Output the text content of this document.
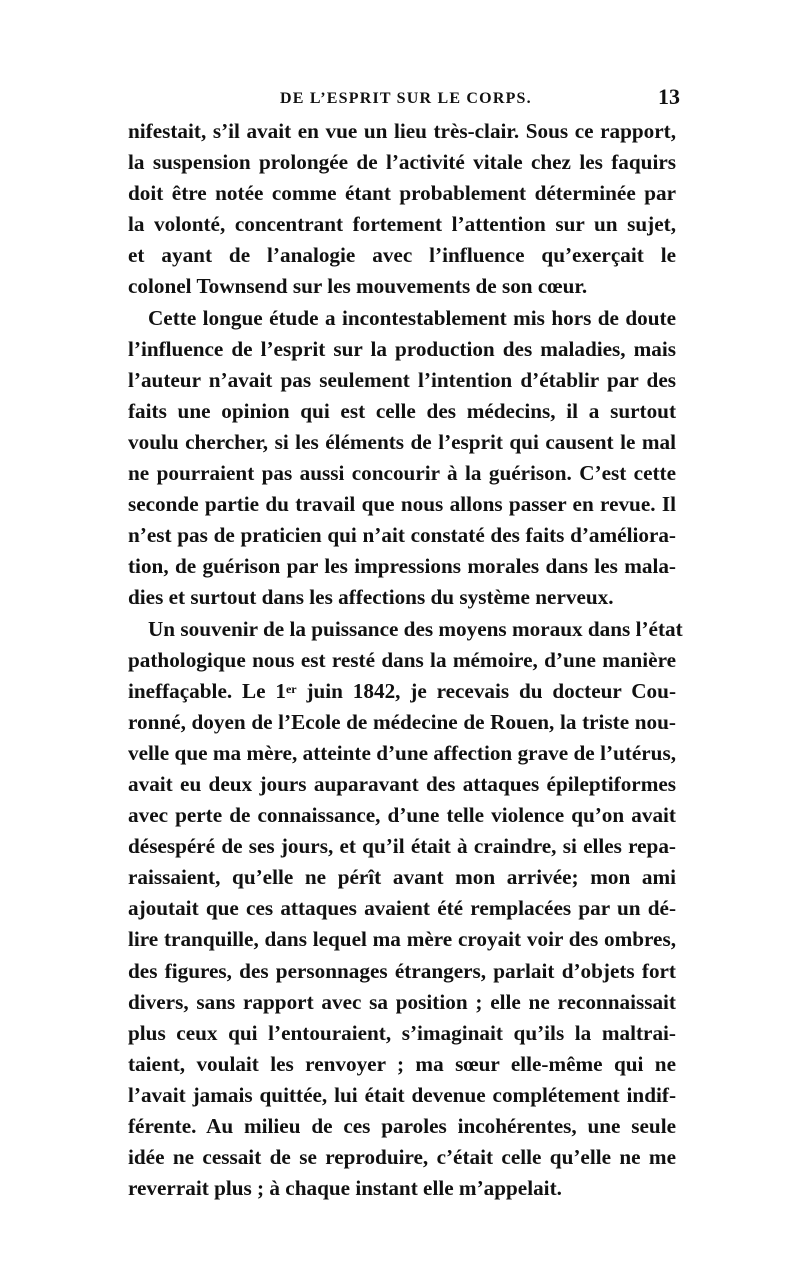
DE L’ESPRIT SUR LE CORPS.	13
nifestait, s’il avait en vue un lieu très-clair. Sous ce rapport,
la suspension prolongée de l’activité vitale chez les faquirs
doit être notée comme étant probablement déterminée par
la volonté, concentrant fortement l’attention sur un sujet,
et ayant de l’analogie avec l’influence qu’exerçait le
colonel Townsend sur les mouvements de son cœur.
Cette longue étude a incontestablement mis hors de doute
l’influence de l’esprit sur la production des maladies, mais
l’auteur n’avait pas seulement l’intention d’établir par des
faits une opinion qui est celle des médecins, il a surtout
voulu chercher, si les éléments de l’esprit qui causent le mal
ne pourraient pas aussi concourir à la guérison. C’est cette
seconde partie du travail que nous allons passer en revue. Il
n’est pas de praticien qui n’ait constaté des faits d’améliora-
tion, de guérison par les impressions morales dans les mala-
dies et surtout dans les affections du système nerveux.
Un souvenir de la puissance des moyens moraux dans l’état
pathologique nous est resté dans la mémoire, d’une manière
ineffaçable. Le 1er juin 1842, je recevais du docteur Cou-
ronné, doyen de l’Ecole de médecine de Rouen, la triste nou-
velle que ma mère, atteinte d’une affection grave de l’utérus,
avait eu deux jours auparavant des attaques épileptiformes
avec perte de connaissance, d’une telle violence qu’on avait
désespéré de ses jours, et qu’il était à craindre, si elles repa-
raissaient, qu’elle ne pérît avant mon arrivée; mon ami
ajoutait que ces attaques avaient été remplacées par un dé-
lire tranquille, dans lequel ma mère croyait voir des ombres,
des figures, des personnages étrangers, parlait d’objets fort
divers, sans rapport avec sa position ; elle ne reconnaissait
plus ceux qui l’entouraient, s’imaginait qu’ils la maltrai-
taient, voulait les renvoyer ; ma sœur elle-même qui ne
l’avait jamais quittée, lui était devenue complétement indif-
férente. Au milieu de ces paroles incohérentes, une seule
idée ne cessait de se reproduire, c’était celle qu’elle ne me
reverrait plus ; à chaque instant elle m’appelait.
